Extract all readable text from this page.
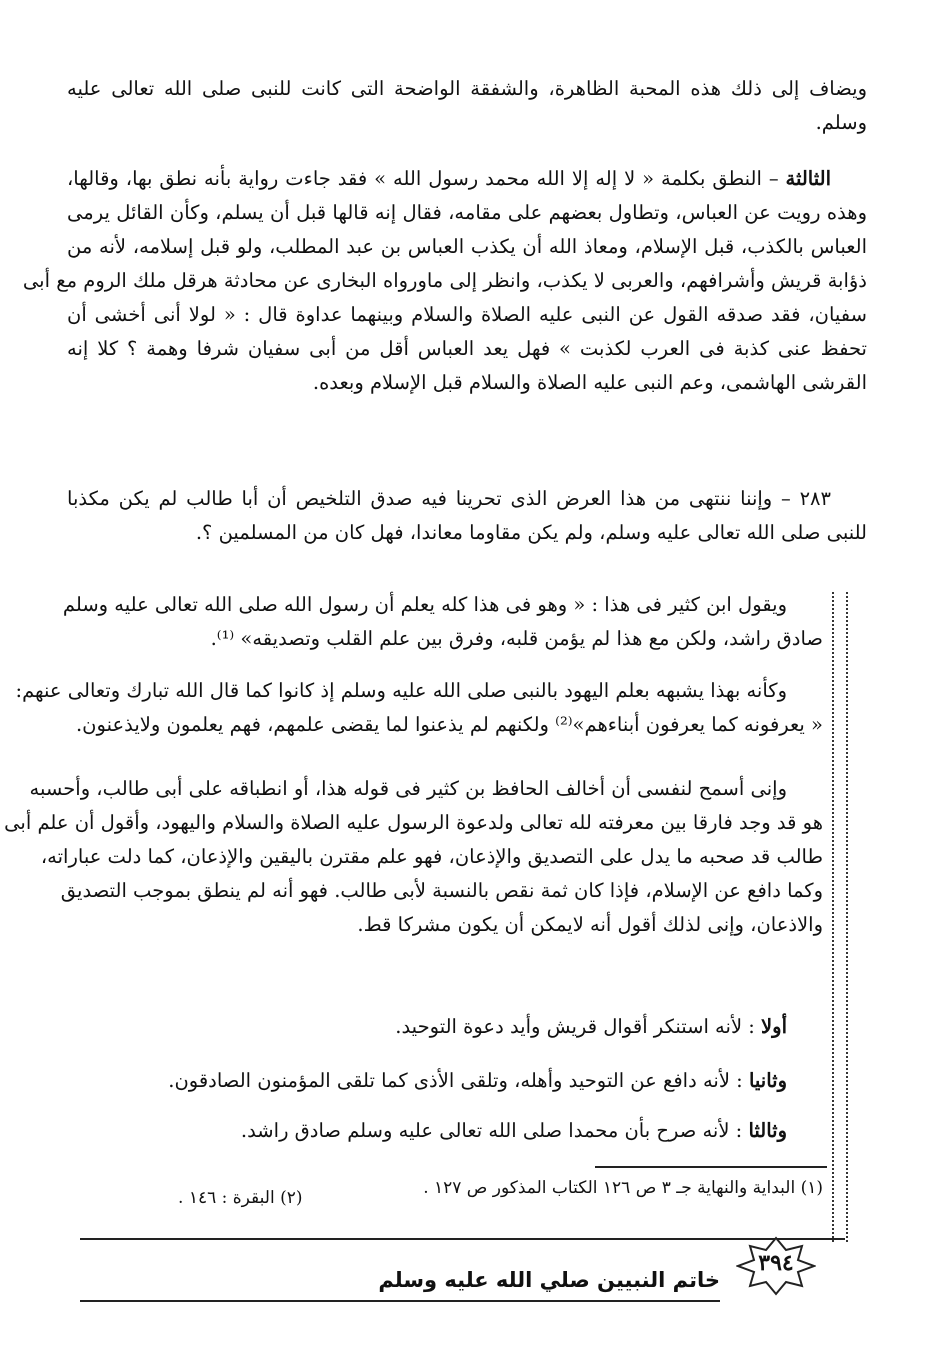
ويضاف إلى ذلك هذه المحبة الظاهرة، والشفقة الواضحة التى كانت للنبى صلى الله تعالى عليه
وسلم.
الثالثة – النطق بكلمة « لا إله إلا الله محمد رسول الله » فقد جاءت رواية بأنه نطق بها، وقالها،
وهذه رويت عن العباس، وتطاول بعضهم على مقامه، فقال إنه قالها قبل أن يسلم، وكأن القائل يرمى
العباس بالكذب، قبل الإسلام، ومعاذ الله أن يكذب العباس بن عبد المطلب، ولو قبل إسلامه، لأنه من
ذؤابة قريش وأشرافهم، والعربى لا يكذب، وانظر إلى ماورواه البخارى عن محادثة هرقل ملك الروم مع أبى
سفيان، فقد صدقه القول عن النبى عليه الصلاة والسلام وبينهما عداوة قال : « لولا أنى أخشى أن
تحفظ عنى كذبة فى العرب لكذبت » فهل يعد العباس أقل من أبى سفيان شرفا وهمة ؟ كلا إنه
القرشى الهاشمى، وعم النبى عليه الصلاة والسلام قبل الإسلام وبعده.
٢٨٣ – وإننا ننتهى من هذا العرض الذى تحرينا فيه صدق التلخيص أن أبا طالب لم يكن مكذبا
للنبى صلى الله تعالى عليه وسلم، ولم يكن مقاوما معاندا، فهل كان من المسلمين ؟.
ويقول ابن كثير فى هذا : « وهو فى هذا كله يعلم أن رسول الله صلى الله تعالى عليه وسلم
صادق راشد، ولكن مع هذا لم يؤمن قلبه، وفرق بين علم القلب وتصديقه» ⁽¹⁾.
وكأنه بهذا يشبهه بعلم اليهود بالنبى صلى الله عليه وسلم إذ كانوا كما قال الله تبارك وتعالى عنهم:
« يعرفونه كما يعرفون أبناءهم»⁽²⁾ ولكنهم لم يذعنوا لما يقضى علمهم، فهم يعلمون ولايذعنون.
وإنى أسمح لنفسى أن أخالف الحافظ بن كثير فى قوله هذا، أو انطباقه على أبى طالب، وأحسبه
هو قد وجد فارقا بين معرفته لله تعالى ولدعوة الرسول عليه الصلاة والسلام واليهود، وأقول أن علم أبى
طالب قد صحبه ما يدل على التصديق والإذعان، فهو علم مقترن باليقين والإذعان، كما دلت عباراته،
وكما دافع عن الإسلام، فإذا كان ثمة نقص بالنسبة لأبى طالب. فهو أنه لم ينطق بموجب التصديق
والاذعان، وإنى لذلك أقول أنه لايمكن أن يكون مشركا قط.
أولا : لأنه استنكر أقوال قريش وأيد دعوة التوحيد.
وثانيا : لأنه دافع عن التوحيد وأهله، وتلقى الأذى كما تلقى المؤمنون الصادقون.
وثالثا : لأنه صرح بأن محمدا صلى الله تعالى عليه وسلم صادق راشد.
(١) البداية والنهاية جـ ٣ ص ١٢٦ الكتاب المذكور ص ١٢٧ .
(٢) البقرة : ١٤٦ .
٣٩٤
خاتم النبيين صلي الله عليه وسلم
